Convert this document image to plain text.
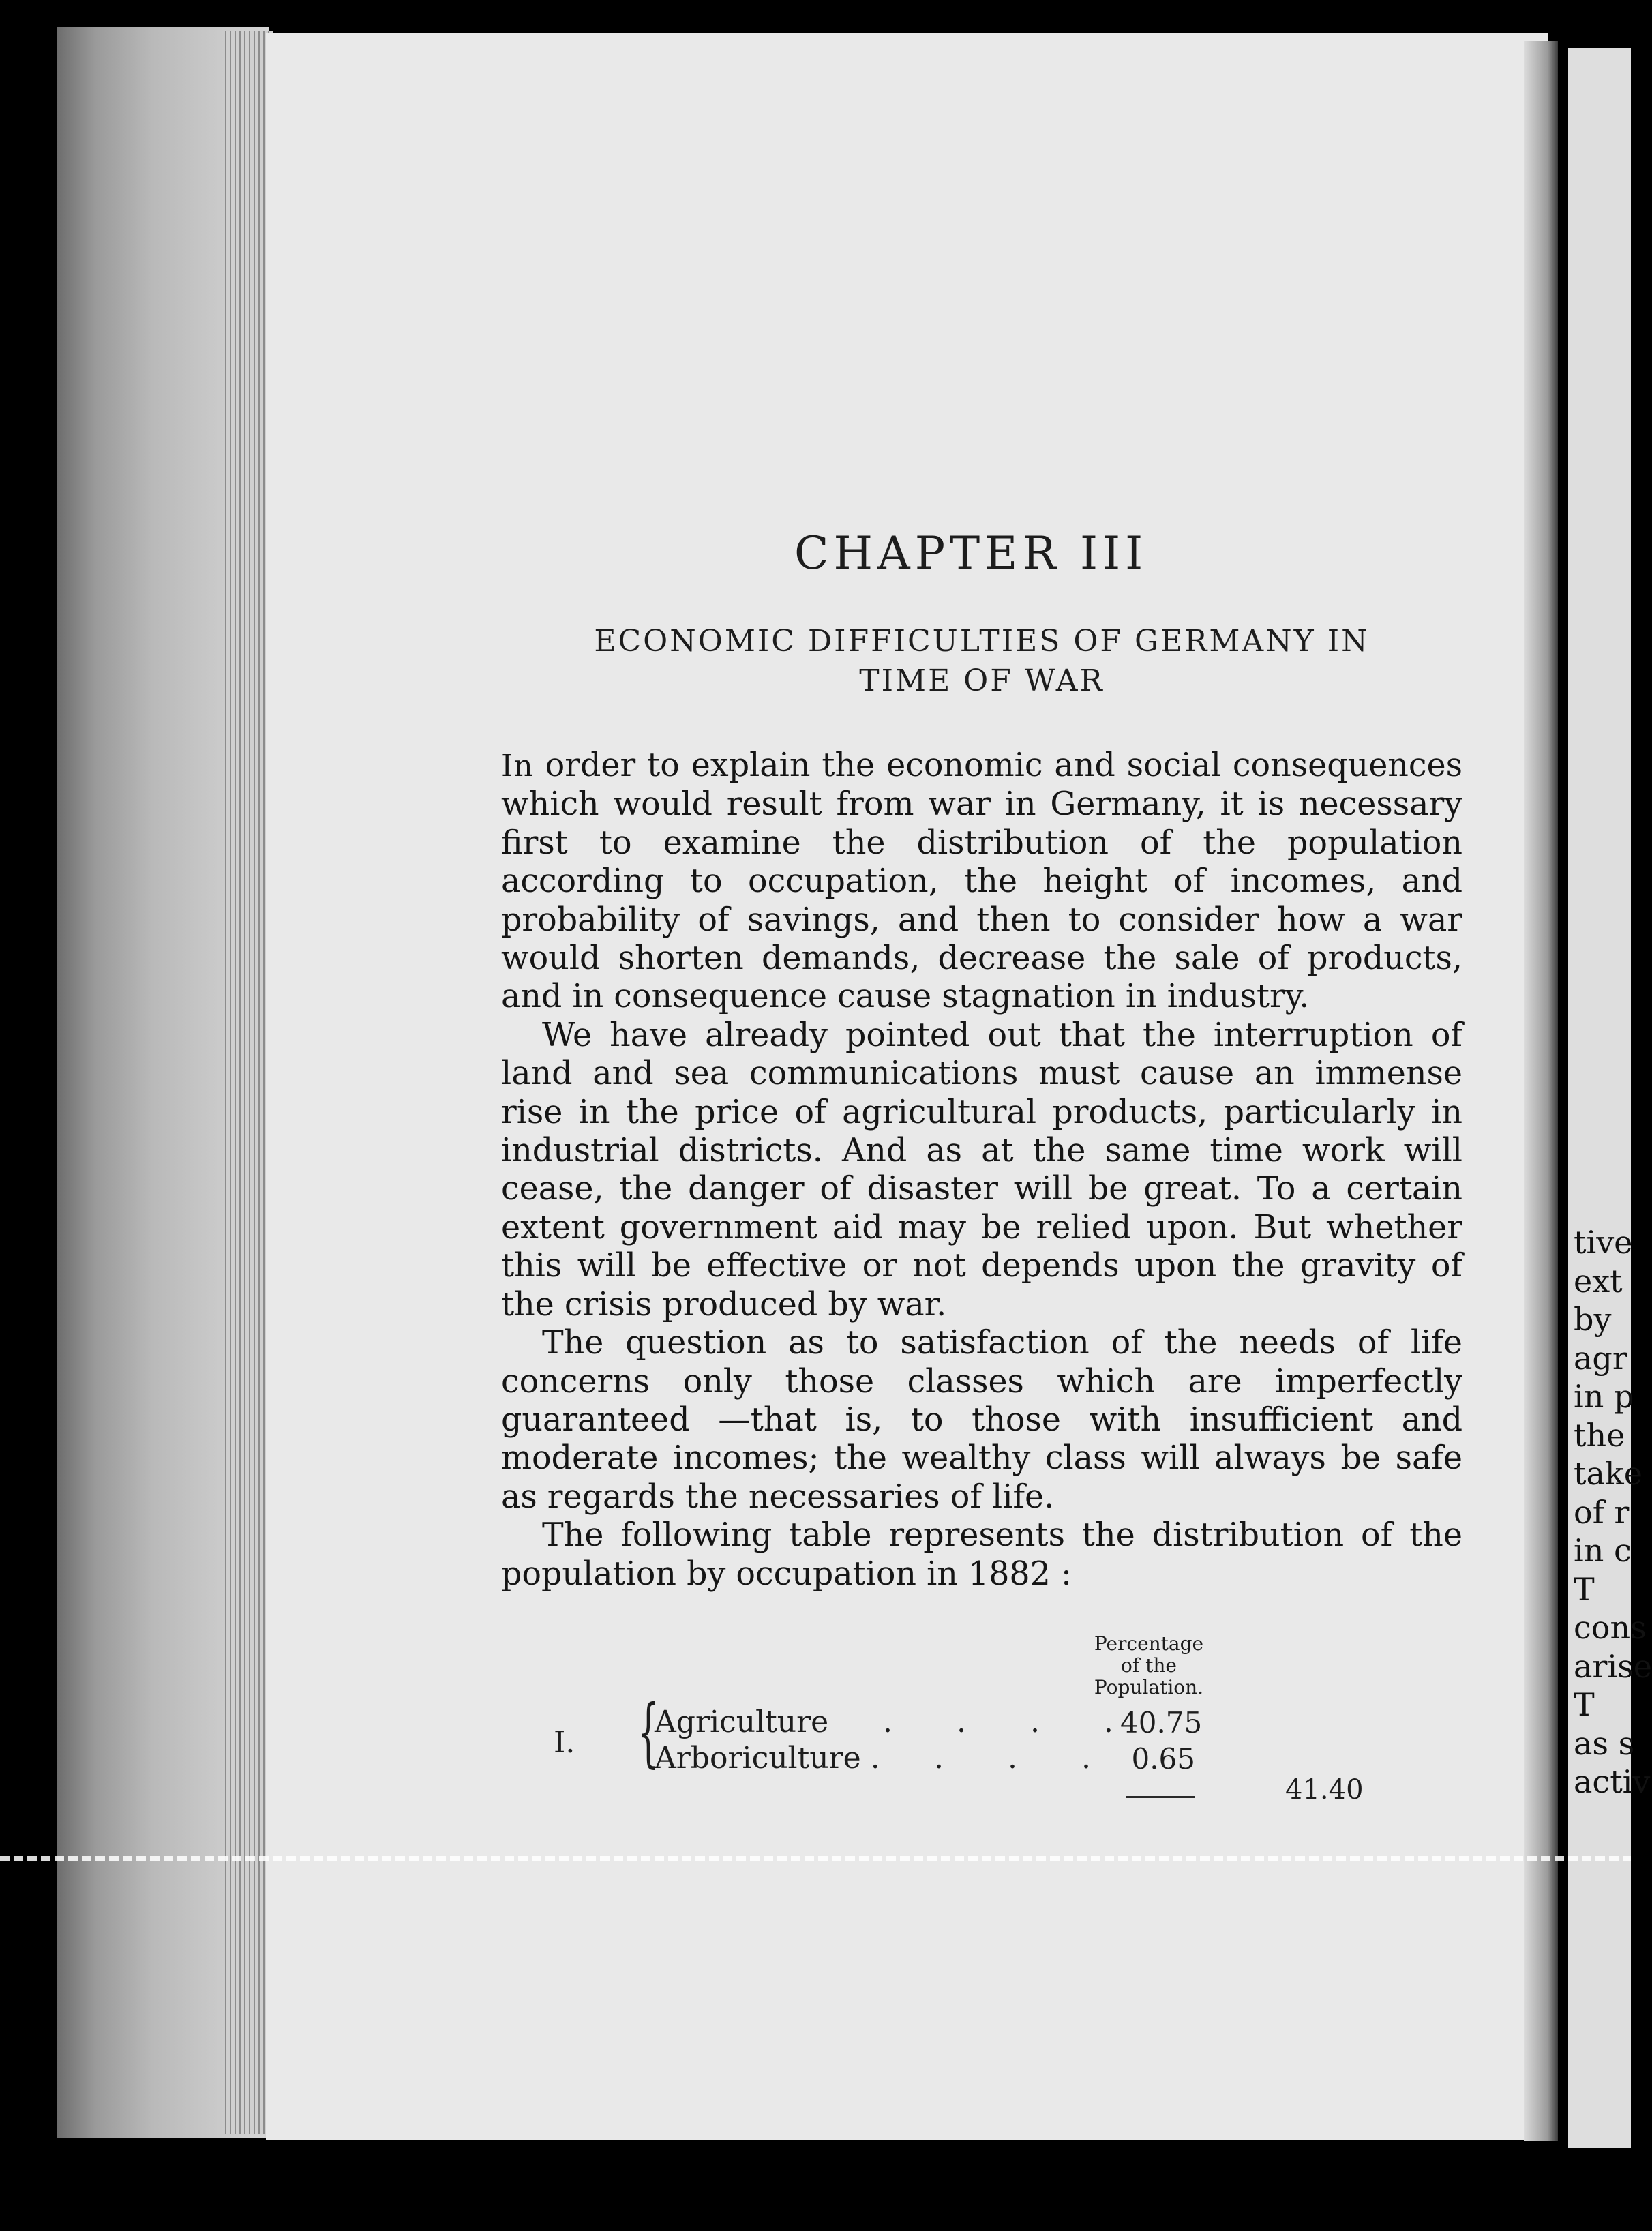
tive
ext
by
agr
in p
the
take
of r
in c
T
cons
arise
T
as s
activ
CHAPTER III
ECONOMIC DIFFICULTIES OF GERMANY IN
TIME OF WAR

In order to explain the economic and social consequences which would result from war in Germany, it is necessary first to examine the distribution of the population according to occupation, the height of incomes, and probability of savings, and then to consider how a war would shorten demands, decrease the sale of products, and in consequence cause stagnation in industry.

We have already pointed out that the interruption of land and sea communications must cause an immense rise in the price of agricultural products, particularly in industrial districts. And as at the same time work will cease, the danger of disaster will be great. To a certain extent government aid may be relied upon. But whether this will be effective or not depends upon the gravity of the crisis produced by war.

The question as to satisfaction of the needs of life concerns only those classes which are imperfectly guaranteed —that is, to those with insufficient and moderate incomes; the wealthy class will always be safe as regards the necessaries of life.

The following table represents the distribution of the population by occupation in 1882 :

Percentage
of the
Population.
I. {
Agriculture . . . .
40.75
Arboriculture . . . . 0.65
41.40
